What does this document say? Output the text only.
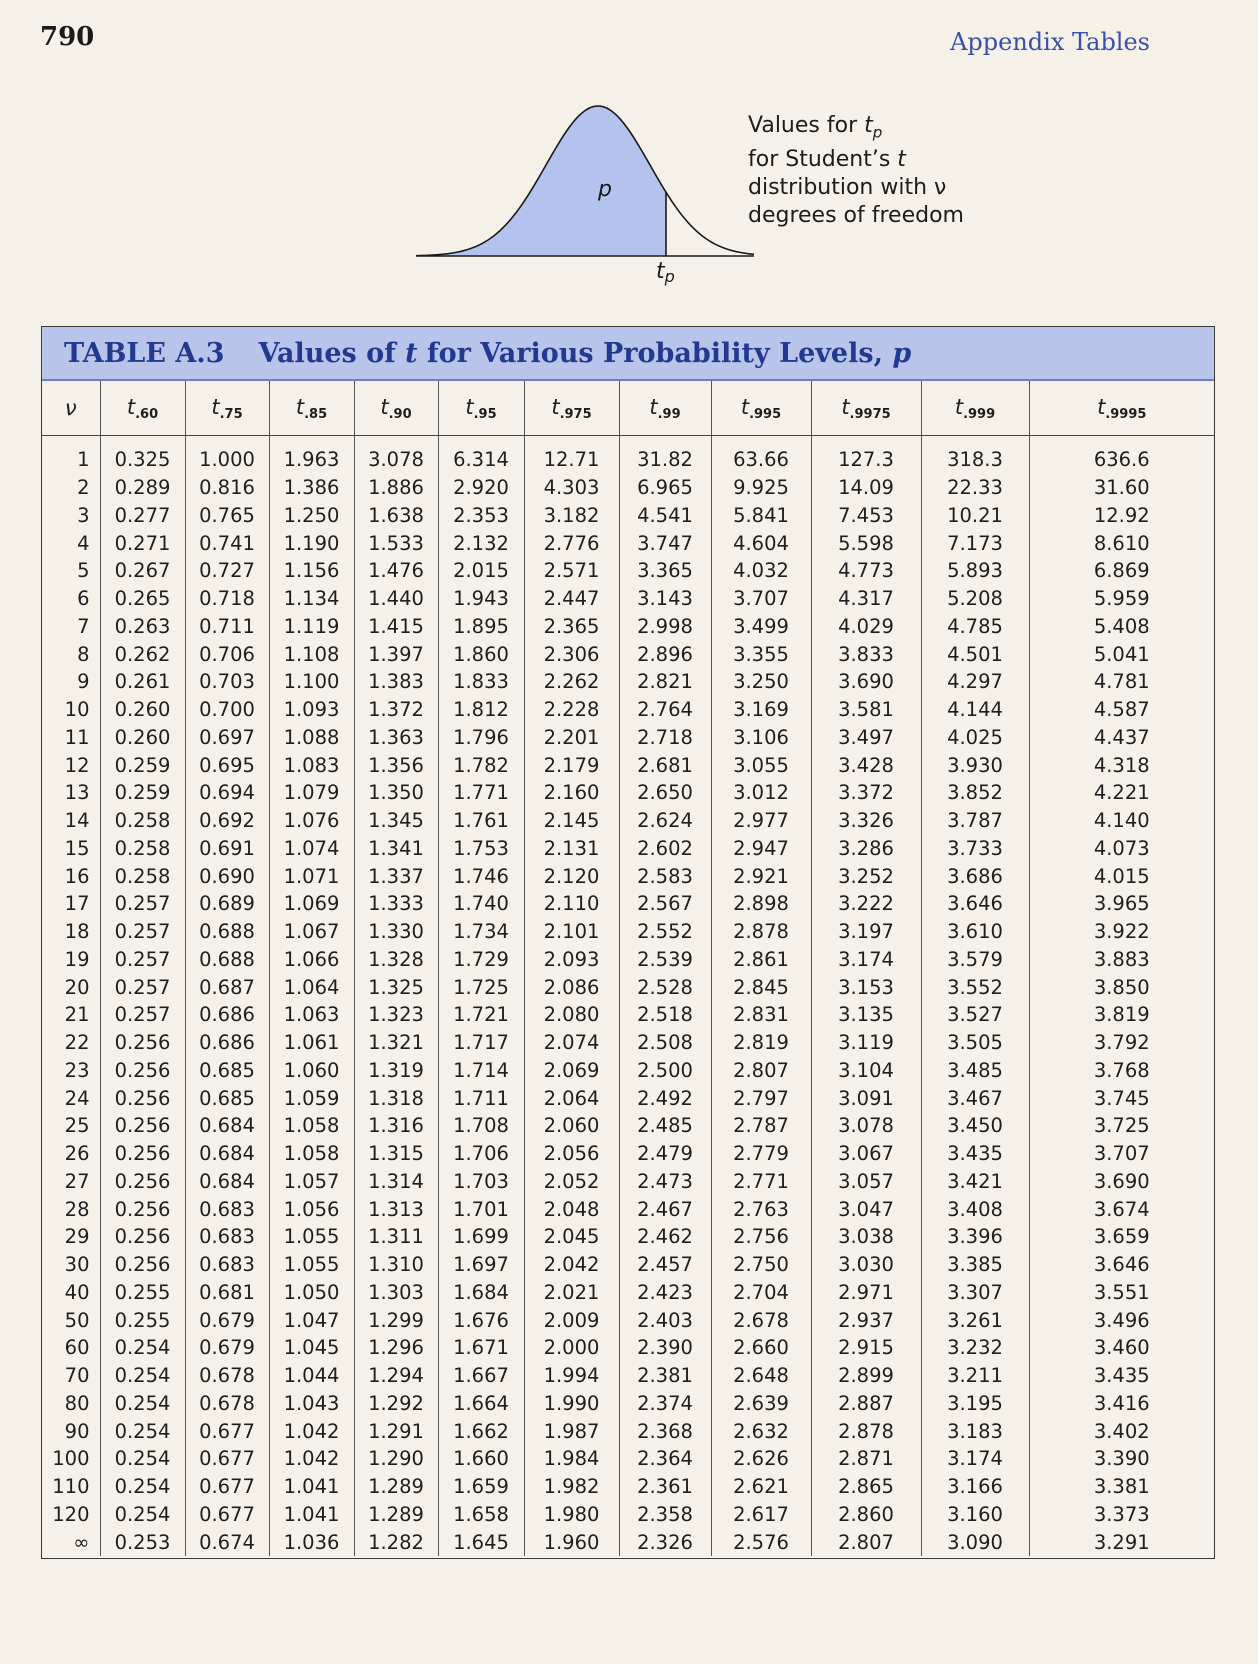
790	Appendix Tables
p
tp
Values for $t_p$
for Student’s t
distribution with ν
degrees of freedom
TABLE A.3 Values of t for Various Probability Levels, p
ν	$t_{.60}$	$t_{.75}$	$t_{.85}$	$t_{.90}$	$t_{.95}$	$t_{.975}$	$t_{.99}$	$t_{.995}$	$t_{.9975}$	$t_{.999}$	$t_{.9995}$
1	0.325	1.000	1.963	3.078	6.314	12.71	31.82	63.66	127.3	318.3	636.6
2	0.289	0.816	1.386	1.886	2.920	4.303	6.965	9.925	14.09	22.33	31.60
3	0.277	0.765	1.250	1.638	2.353	3.182	4.541	5.841	7.453	10.21	12.92
4	0.271	0.741	1.190	1.533	2.132	2.776	3.747	4.604	5.598	7.173	8.610
5	0.267	0.727	1.156	1.476	2.015	2.571	3.365	4.032	4.773	5.893	6.869
6	0.265	0.718	1.134	1.440	1.943	2.447	3.143	3.707	4.317	5.208	5.959
7	0.263	0.711	1.119	1.415	1.895	2.365	2.998	3.499	4.029	4.785	5.408
8	0.262	0.706	1.108	1.397	1.860	2.306	2.896	3.355	3.833	4.501	5.041
9	0.261	0.703	1.100	1.383	1.833	2.262	2.821	3.250	3.690	4.297	4.781
10	0.260	0.700	1.093	1.372	1.812	2.228	2.764	3.169	3.581	4.144	4.587
11	0.260	0.697	1.088	1.363	1.796	2.201	2.718	3.106	3.497	4.025	4.437
12	0.259	0.695	1.083	1.356	1.782	2.179	2.681	3.055	3.428	3.930	4.318
13	0.259	0.694	1.079	1.350	1.771	2.160	2.650	3.012	3.372	3.852	4.221
14	0.258	0.692	1.076	1.345	1.761	2.145	2.624	2.977	3.326	3.787	4.140
15	0.258	0.691	1.074	1.341	1.753	2.131	2.602	2.947	3.286	3.733	4.073
16	0.258	0.690	1.071	1.337	1.746	2.120	2.583	2.921	3.252	3.686	4.015
17	0.257	0.689	1.069	1.333	1.740	2.110	2.567	2.898	3.222	3.646	3.965
18	0.257	0.688	1.067	1.330	1.734	2.101	2.552	2.878	3.197	3.610	3.922
19	0.257	0.688	1.066	1.328	1.729	2.093	2.539	2.861	3.174	3.579	3.883
20	0.257	0.687	1.064	1.325	1.725	2.086	2.528	2.845	3.153	3.552	3.850
21	0.257	0.686	1.063	1.323	1.721	2.080	2.518	2.831	3.135	3.527	3.819
22	0.256	0.686	1.061	1.321	1.717	2.074	2.508	2.819	3.119	3.505	3.792
23	0.256	0.685	1.060	1.319	1.714	2.069	2.500	2.807	3.104	3.485	3.768
24	0.256	0.685	1.059	1.318	1.711	2.064	2.492	2.797	3.091	3.467	3.745
25	0.256	0.684	1.058	1.316	1.708	2.060	2.485	2.787	3.078	3.450	3.725
26	0.256	0.684	1.058	1.315	1.706	2.056	2.479	2.779	3.067	3.435	3.707
27	0.256	0.684	1.057	1.314	1.703	2.052	2.473	2.771	3.057	3.421	3.690
28	0.256	0.683	1.056	1.313	1.701	2.048	2.467	2.763	3.047	3.408	3.674
29	0.256	0.683	1.055	1.311	1.699	2.045	2.462	2.756	3.038	3.396	3.659
30	0.256	0.683	1.055	1.310	1.697	2.042	2.457	2.750	3.030	3.385	3.646
40	0.255	0.681	1.050	1.303	1.684	2.021	2.423	2.704	2.971	3.307	3.551
50	0.255	0.679	1.047	1.299	1.676	2.009	2.403	2.678	2.937	3.261	3.496
60	0.254	0.679	1.045	1.296	1.671	2.000	2.390	2.660	2.915	3.232	3.460
70	0.254	0.678	1.044	1.294	1.667	1.994	2.381	2.648	2.899	3.211	3.435
80	0.254	0.678	1.043	1.292	1.664	1.990	2.374	2.639	2.887	3.195	3.416
90	0.254	0.677	1.042	1.291	1.662	1.987	2.368	2.632	2.878	3.183	3.402
100	0.254	0.677	1.042	1.290	1.660	1.984	2.364	2.626	2.871	3.174	3.390
110	0.254	0.677	1.041	1.289	1.659	1.982	2.361	2.621	2.865	3.166	3.381
120	0.254	0.677	1.041	1.289	1.658	1.980	2.358	2.617	2.860	3.160	3.373
∞	0.253	0.674	1.036	1.282	1.645	1.960	2.326	2.576	2.807	3.090	3.291
